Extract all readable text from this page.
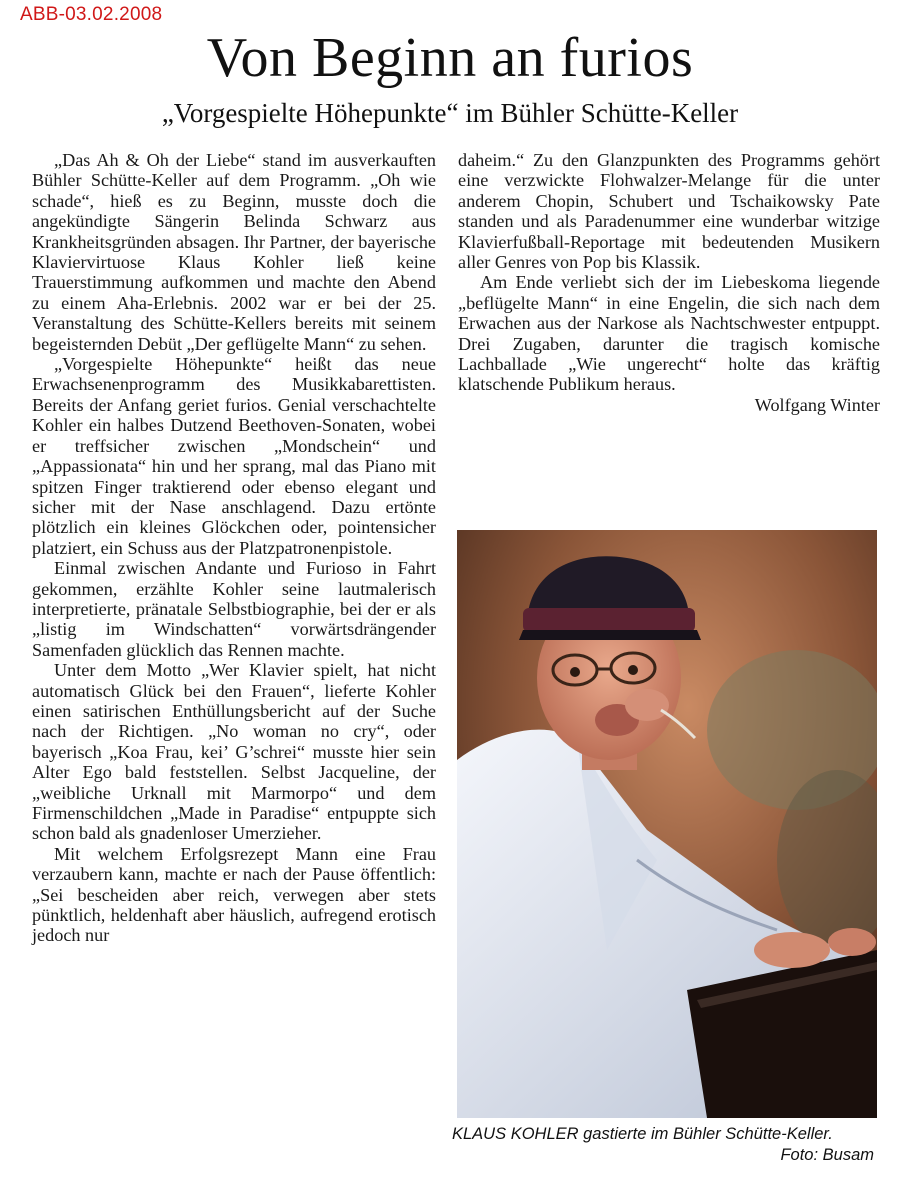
ABB-03.02.2008
Von Beginn an furios
„Vorgespielte Höhepunkte“ im Bühler Schütte-Keller

„Das Ah & Oh der Liebe“ stand im ausverkauften Bühler Schütte-Keller auf dem Programm. „Oh wie schade“, hieß es zu Beginn, musste doch die angekündigte Sängerin Belinda Schwarz aus Krankheitsgründen absagen. Ihr Partner, der bayerische Klaviervirtuose Klaus Kohler ließ keine Trauerstimmung aufkommen und machte den Abend zu einem Aha-Erlebnis. 2002 war er bei der 25. Veranstaltung des Schütte-Kellers bereits mit seinem begeisternden Debüt „Der geflügelte Mann“ zu sehen.

„Vorgespielte Höhepunkte“ heißt das neue Erwachsenenprogramm des Musikkabarettisten. Bereits der Anfang geriet furios. Genial verschachtelte Kohler ein halbes Dutzend Beethoven-Sonaten, wobei er treffsicher zwischen „Mondschein“ und „Appassionata“ hin und her sprang, mal das Piano mit spitzen Finger traktierend oder ebenso elegant und sicher mit der Nase anschlagend. Dazu ertönte plötzlich ein kleines Glöckchen oder, pointensicher platziert, ein Schuss aus der Platzpatronenpistole.

Einmal zwischen Andante und Furioso in Fahrt gekommen, erzählte Kohler seine lautmalerisch interpretierte, pränatale Selbstbiographie, bei der er als „listig im Windschatten“ vorwärtsdrängender Samenfaden glücklich das Rennen machte.

Unter dem Motto „Wer Klavier spielt, hat nicht automatisch Glück bei den Frauen“, lieferte Kohler einen satirischen Enthüllungsbericht auf der Suche nach der Richtigen. „No woman no cry“, oder bayerisch „Koa Frau, kei’ G’schrei“ musste hier sein Alter Ego bald feststellen. Selbst Jacqueline, der „weibliche Urknall mit Marmorpo“ und dem Firmenschildchen „Made in Paradise“ entpuppte sich schon bald als gnadenloser Umerzieher.

Mit welchem Erfolgsrezept Mann eine Frau verzaubern kann, machte er nach der Pause öffentlich: „Sei bescheiden aber reich, verwegen aber stets pünktlich, heldenhaft aber häuslich, aufregend erotisch jedoch nur

daheim.“ Zu den Glanzpunkten des Programms gehört eine verzwickte Flohwalzer-Melange für die unter anderem Chopin, Schubert und Tschaikowsky Pate standen und als Paradenummer eine wunderbar witzige Klavierfußball-Reportage mit bedeutenden Musikern aller Genres von Pop bis Klassik.

Am Ende verliebt sich der im Liebeskoma liegende „beflügelte Mann“ in eine Engelin, die sich nach dem Erwachen aus der Narkose als Nachtschwester entpuppt. Drei Zugaben, darunter die tragisch komische Lachballade „Wie ungerecht“ holte das kräftig klatschende Publikum heraus.

Wolfgang Winter

KLAUS KOHLER gastierte im Bühler Schütte-Keller.
Foto: Busam
